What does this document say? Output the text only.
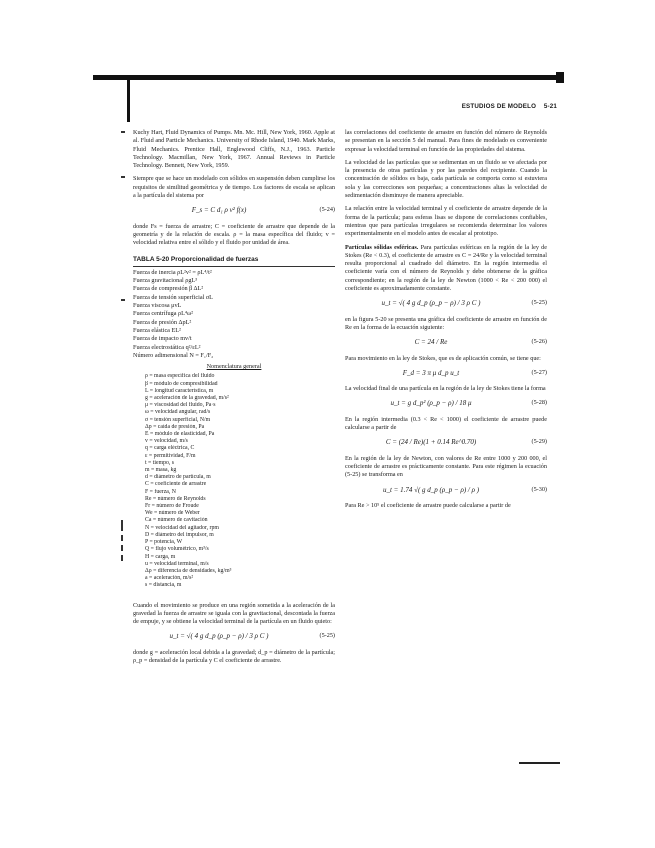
ESTUDIOS DE MODELO 5-21

Kuchy Hart, Fluid Dynamics of Pumps. Mn. Mc. Hill, New York, 1960. Apple at al. Fluid and Particle Mechanics. University of Rhode Island, 1940. Mark Marks, Fluid Mechanics. Prentice Hall, Englewood Cliffs, N.J., 1963. Particle Technology. Macmillan, New York, 1967. Annual Reviews in Particle Technology. Bennett, New York, 1959.

Siempre que se hace un modelado con sólidos en suspensión deben cumplirse los requisitos de similitud geométrica y de tiempo. Los factores de escala se aplican a la partícula del sistema por

F_s = C d₁ ρ v² f(x)	(5-24)

donde Fs = fuerza de arrastre; C = coeficiente de arrastre que depende de la geometría y de la relación de escala. ρ = la masa específica del fluido; v = velocidad relativa entre el sólido y el fluido por unidad de área.

TABLA 5-20 Proporcionalidad de fuerzas

Fuerza de inercia ρL²v² = ρL⁴/t²

Fuerza gravitacional ρgL³

Fuerza de compresión β ΔL²

Fuerza de tensión superficial σL

Fuerza viscosa μvL

Fuerza centrífuga ρL⁴ω²

Fuerza de presión ΔpL²

Fuerza elástica EL²

Fuerza de impacto mv/t

Fuerza electrostática q²/εL²

Número adimensional N = F₁/F₂

Nomenclatura general

ρ = masa específica del fluido

β = módulo de compresibilidad

L = longitud característica, m

g = aceleración de la gravedad, m/s²

μ = viscosidad del fluido, Pa·s

ω = velocidad angular, rad/s

σ = tensión superficial, N/m

Δp = caída de presión, Pa

E = módulo de elasticidad, Pa

v = velocidad, m/s

q = carga eléctrica, C

ε = permitividad, F/m

t = tiempo, s

m = masa, kg

d = diámetro de partícula, m

C = coeficiente de arrastre

F = fuerza, N

Re = número de Reynolds

Fr = número de Froude

We = número de Weber

Ca = número de cavitación

N = velocidad del agitador, rpm

D = diámetro del impulsor, m

P = potencia, W

Q = flujo volumétrico, m³/s

H = carga, m

u = velocidad terminal, m/s

Δρ = diferencia de densidades, kg/m³

a = aceleración, m/s²

s = distancia, m

Cuando el movimiento se produce en una región sometida a la aceleración de la gravedad la fuerza de arrastre se iguala con la gravitacional, descontada la fuerza de empuje, y se obtiene la velocidad terminal de la partícula en un fluido quieto:

u_t = √( 4 g d_p (ρ_p − ρ) / 3 ρ C )	(5-25)

donde g = aceleración local debida a la gravedad; d_p = diámetro de la partícula; ρ_p = densidad de la partícula y C el coeficiente de arrastre.

las correlaciones del coeficiente de arrastre en función del número de Reynolds se presentan en la sección 5 del manual. Para fines de modelado es conveniente expresar la velocidad terminal en función de las propiedades del sistema.

La velocidad de las partículas que se sedimentan en un fluido se ve afectada por la presencia de otras partículas y por las paredes del recipiente. Cuando la concentración de sólidos es baja, cada partícula se comporta como si estuviera sola y las correcciones son pequeñas; a concentraciones altas la velocidad de sedimentación disminuye de manera apreciable.

La relación entre la velocidad terminal y el coeficiente de arrastre depende de la forma de la partícula; para esferas lisas se dispone de correlaciones confiables, mientras que para partículas irregulares se recomienda determinar los valores experimentalmente en el modelo antes de escalar al prototipo.

Partículas sólidas esféricas. Para partículas esféricas en la región de la ley de Stokes (Re < 0.3), el coeficiente de arrastre es C = 24/Re y la velocidad terminal resulta proporcional al cuadrado del diámetro. En la región intermedia el coeficiente varía con el número de Reynolds y debe obtenerse de la gráfica correspondiente; en la región de la ley de Newton (1000 < Re < 200 000) el coeficiente es aproximadamente constante.

u_t = √( 4 g d_p (ρ_p − ρ) / 3 ρ C )	(5-25)

en la figura 5-20 se presenta una gráfica del coeficiente de arrastre en función de Re en la forma de la ecuación siguiente:

C = 24 / Re	(5-26)

Para movimiento en la ley de Stokes, que es de aplicación común, se tiene que:

F_d = 3 π μ d_p u_t	(5-27)

La velocidad final de una partícula en la región de la ley de Stokes tiene la forma

u_t = g d_p² (ρ_p − ρ) / 18 μ	(5-28)

En la región intermedia (0.3 < Re < 1000) el coeficiente de arrastre puede calcularse a partir de

C = (24 / Re)(1 + 0.14 Re^0.70)	(5-29)

En la región de la ley de Newton, con valores de Re entre 1000 y 200 000, el coeficiente de arrastre es prácticamente constante. Para este régimen la ecuación (5-25) se transforma en

u_t = 1.74 √( g d_p (ρ_p − ρ) / ρ )	(5-30)

Para Re > 10⁵ el coeficiente de arrastre puede calcularse a partir de
